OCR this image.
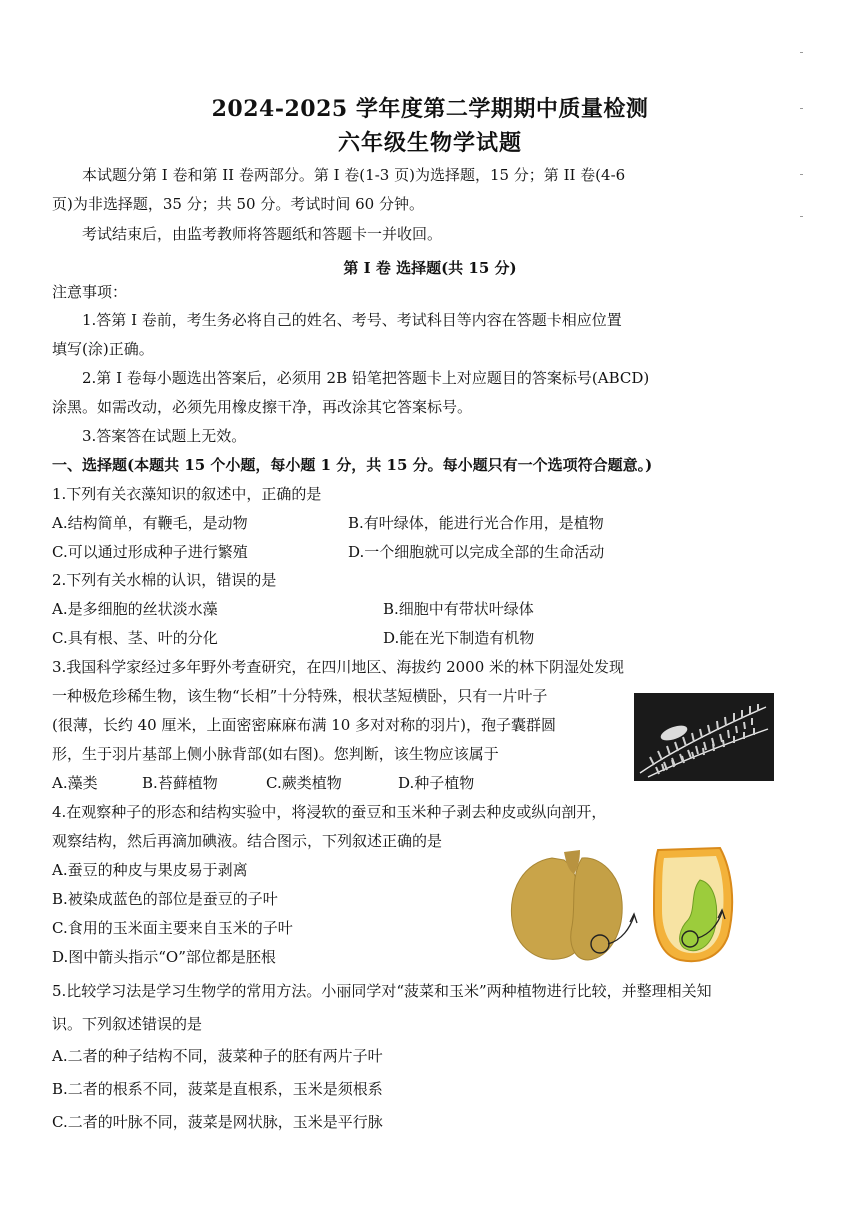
2024-2025 学年度第二学期期中质量检测
六年级生物学试题
本试题分第 I 卷和第 II 卷两部分。第 I 卷(1-3 页)为选择题，15 分；第 II 卷(4-6
页)为非选择题，35 分；共 50 分。考试时间 60 分钟。
考试结束后，由监考教师将答题纸和答题卡一并收回。
第 I 卷 选择题(共 15 分)
注意事项：
1.答第 I 卷前，考生务必将自己的姓名、考号、考试科目等内容在答题卡相应位置
填写(涂)正确。
2.第 I 卷每小题选出答案后，必须用 2B 铅笔把答题卡上对应题目的答案标号(ABCD)
涂黑。如需改动，必须先用橡皮擦干净，再改涂其它答案标号。
3.答案答在试题上无效。
一、选择题(本题共 15 个小题，每小题 1 分，共 15 分。每小题只有一个选项符合题意。)
1.下列有关衣藻知识的叙述中，正确的是
A.结构简单，有鞭毛，是动物	B.有叶绿体，能进行光合作用，是植物
C.可以通过形成种子进行繁殖	D.一个细胞就可以完成全部的生命活动
2.下列有关水棉的认识，错误的是
A.是多细胞的丝状淡水藻	B.细胞中有带状叶绿体
C.具有根、茎、叶的分化	D.能在光下制造有机物
3.我国科学家经过多年野外考查研究，在四川地区、海拔约 2000 米的林下阴湿处发现
一种极危珍稀生物，该生物“长相”十分特殊，根状茎短横卧，只有一片叶子
(很薄，长约 40 厘米，上面密密麻麻布满 10 多对对称的羽片)，孢子囊群圆
形，生于羽片基部上侧小脉背部(如右图)。您判断，该生物应该属于
A.藻类	B.苔藓植物	C.蕨类植物	D.种子植物
4.在观察种子的形态和结构实验中，将浸软的蚕豆和玉米种子剥去种皮或纵向剖开，
观察结构，然后再滴加碘液。结合图示，下列叙述正确的是
A.蚕豆的种皮与果皮易于剥离
B.被染成蓝色的部位是蚕豆的子叶
C.食用的玉米面主要来自玉米的子叶
D.图中箭头指示“O”部位都是胚根
5.比较学习法是学习生物学的常用方法。小丽同学对“菠菜和玉米”两种植物进行比较，并整理相关知
识。下列叙述错误的是
A.二者的种子结构不同，菠菜种子的胚有两片子叶
B.二者的根系不同，菠菜是直根系，玉米是须根系
C.二者的叶脉不同，菠菜是网状脉，玉米是平行脉
